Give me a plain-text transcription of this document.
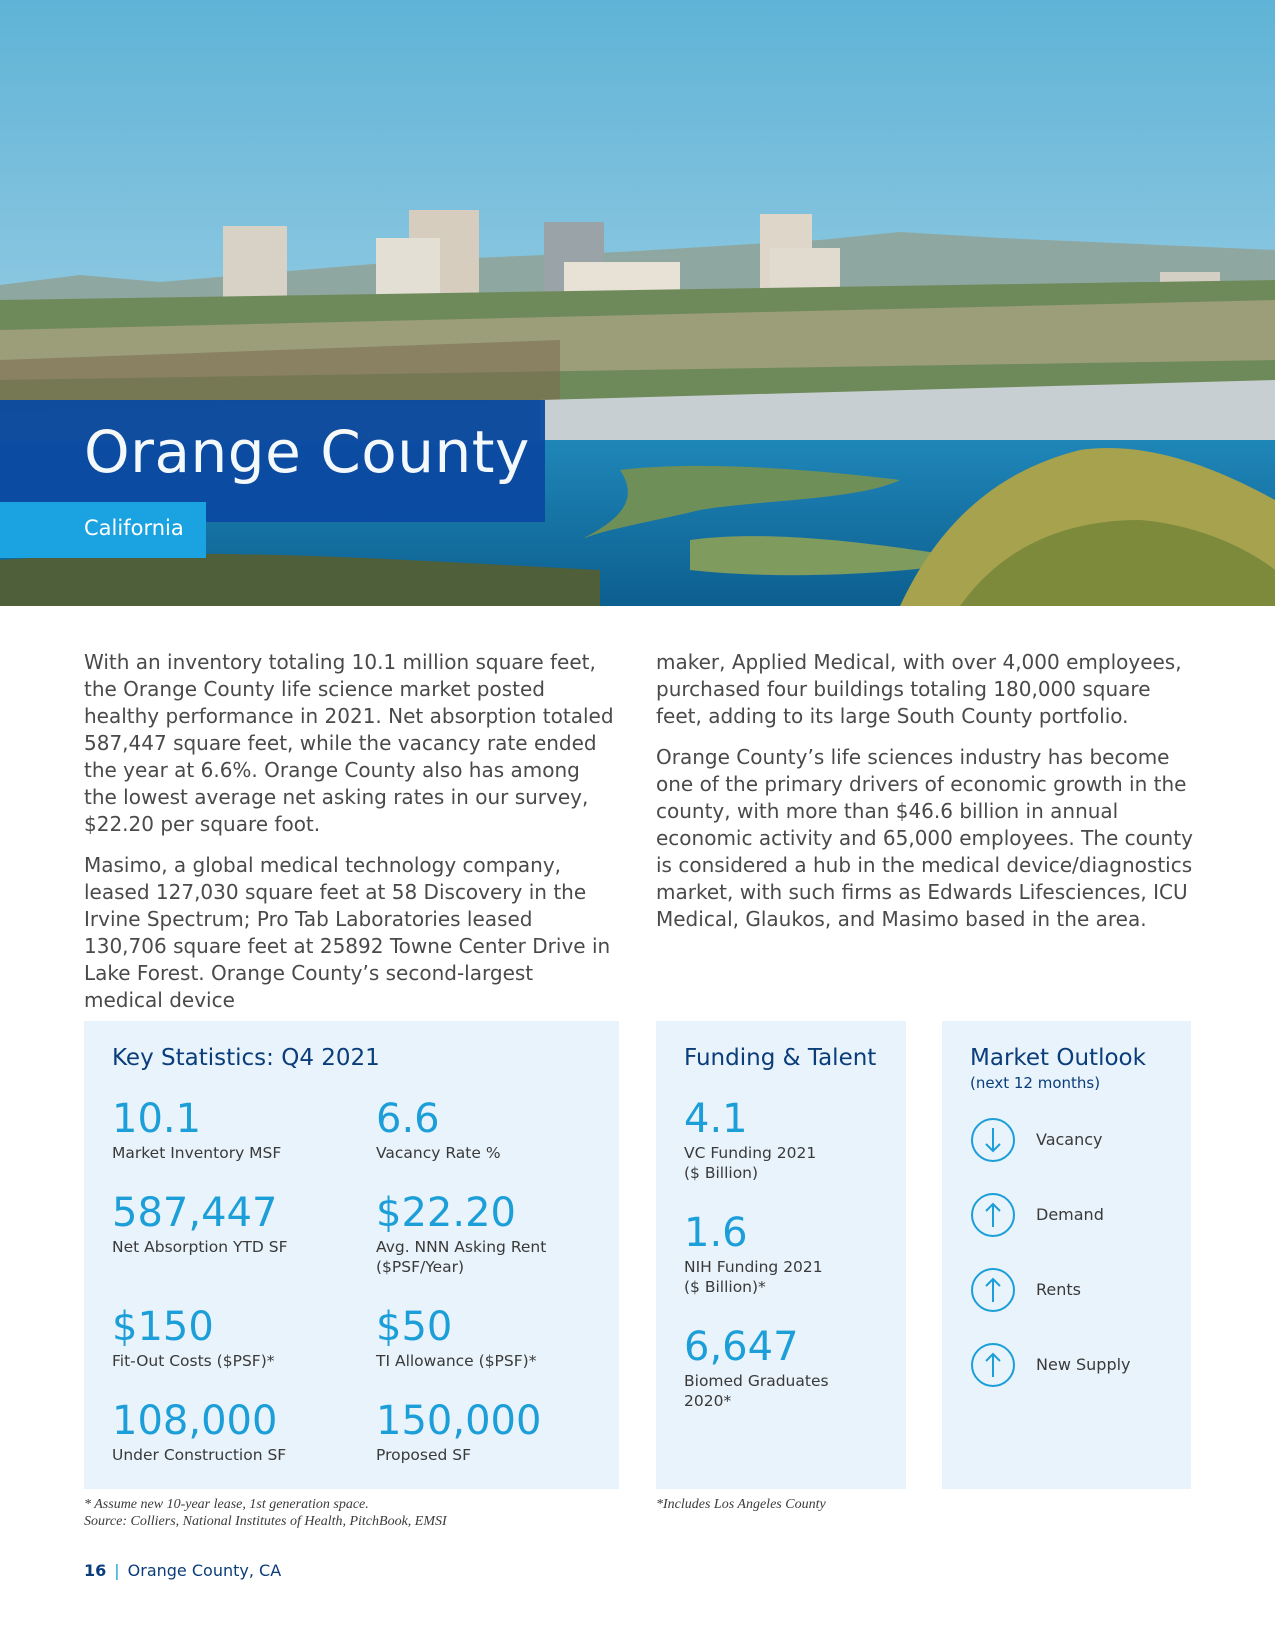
Orange County
California

With an inventory totaling 10.1 million square feet, the Orange County life science market posted healthy performance in 2021. Net absorption totaled 587,447 square feet, while the vacancy rate ended the year at 6.6%. Orange County also has among the lowest average net asking rates in our survey, $22.20 per square foot.

Masimo, a global medical technology company, leased 127,030 square feet at 58 Discovery in the Irvine Spectrum; Pro Tab Laboratories leased 130,706 square feet at 25892 Towne Center Drive in Lake Forest. Orange County’s second-largest medical device

maker, Applied Medical, with over 4,000 employees, purchased four buildings totaling 180,000 square feet, adding to its large South County portfolio.

Orange County’s life sciences industry has become one of the primary drivers of economic growth in the county, with more than $46.6 billion in annual economic activity and 65,000 employees. The county is considered a hub in the medical device/diagnostics market, with such firms as Edwards Lifesciences, ICU Medical, Glaukos, and Masimo based in the area.

Key Statistics: Q4 2021
10.1
Market Inventory MSF
6.6
Vacancy Rate %
587,447
Net Absorption YTD SF
$22.20
Avg. NNN Asking Rent ($PSF/Year)
$150
Fit-Out Costs ($PSF)*
$50
TI Allowance ($PSF)*
108,000
Under Construction SF
150,000
Proposed SF
Funding & Talent
4.1
VC Funding 2021
($ Billion)
1.6
NIH Funding 2021
($ Billion)*
6,647
Biomed Graduates
2020*
Market Outlook
(next 12 months)
Vacancy
Demand
Rents
New Supply
* Assume new 10-year lease, 1st generation space.
Source: Colliers, National Institutes of Health, PitchBook, EMSI
*Includes Los Angeles County
16 | Orange County, CA
